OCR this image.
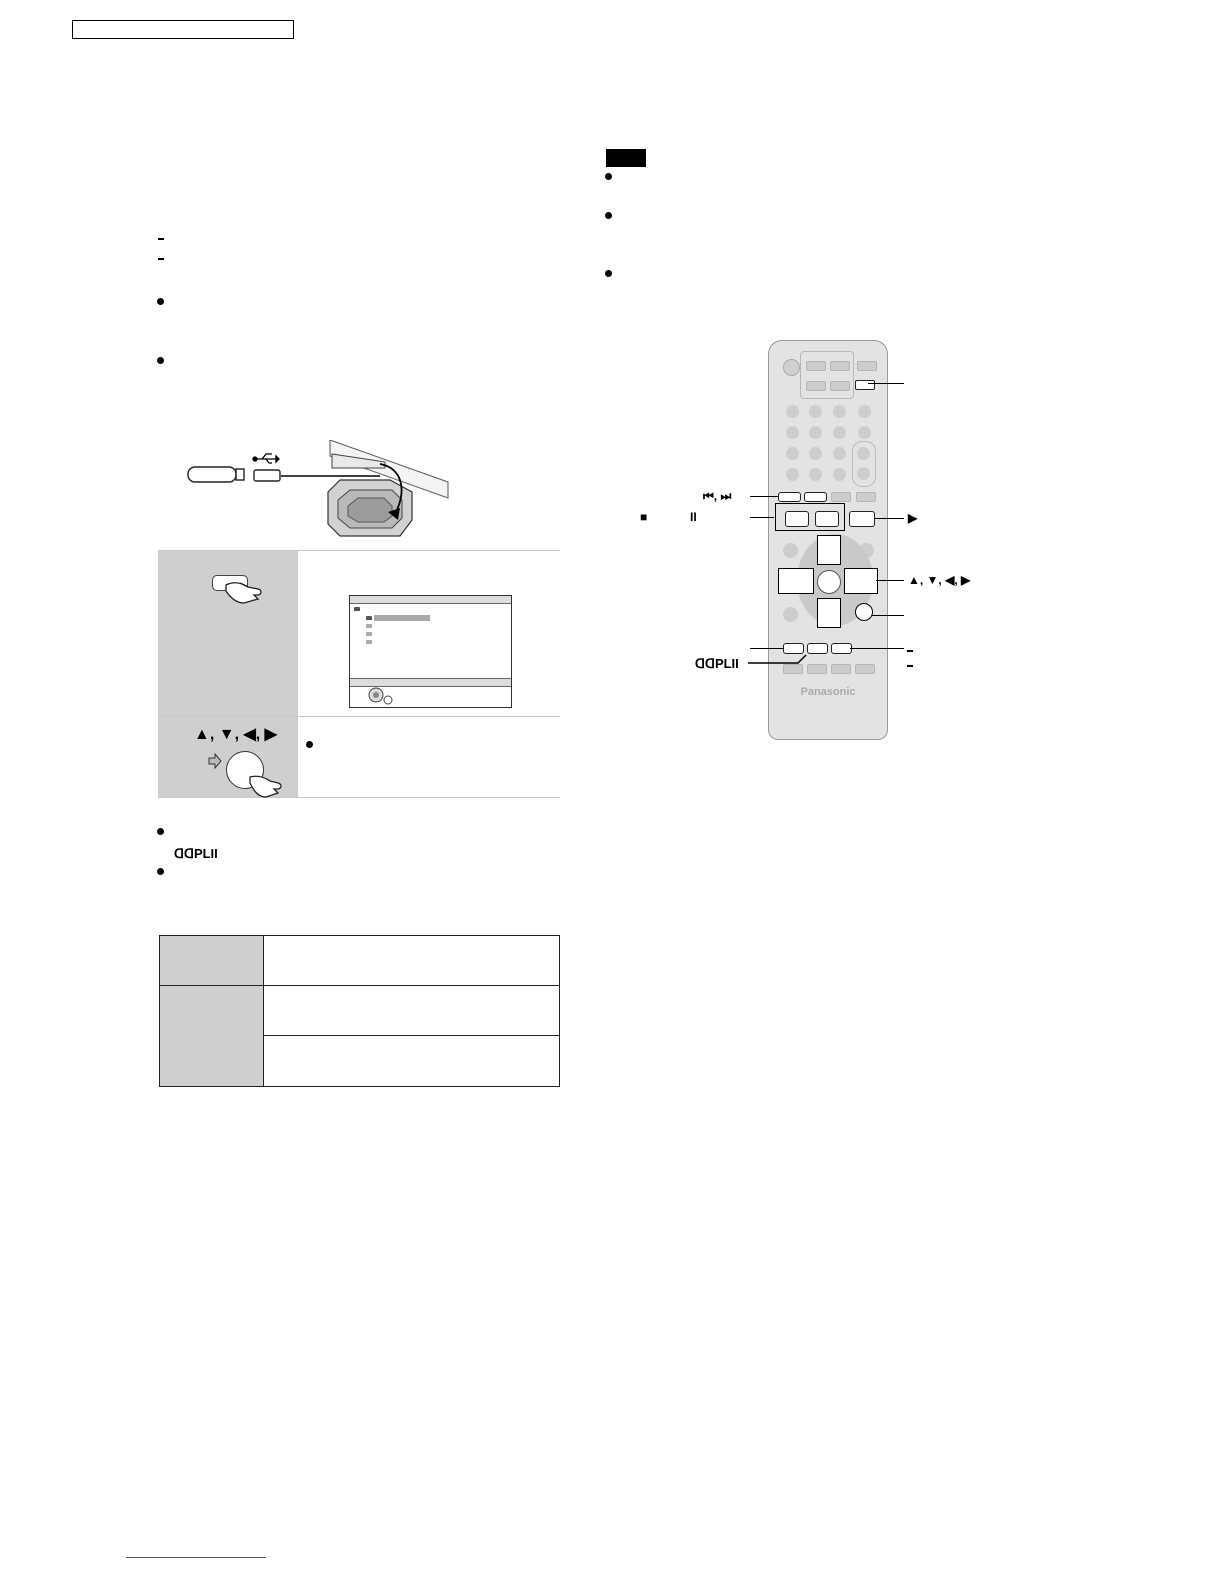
▲, ▼, ◀, ▶
ᗡᗡPLII
Panasonic
⏮, ⏭
■	II	▶
▲, ▼, ◀, ▶
ᗡᗡPLII
